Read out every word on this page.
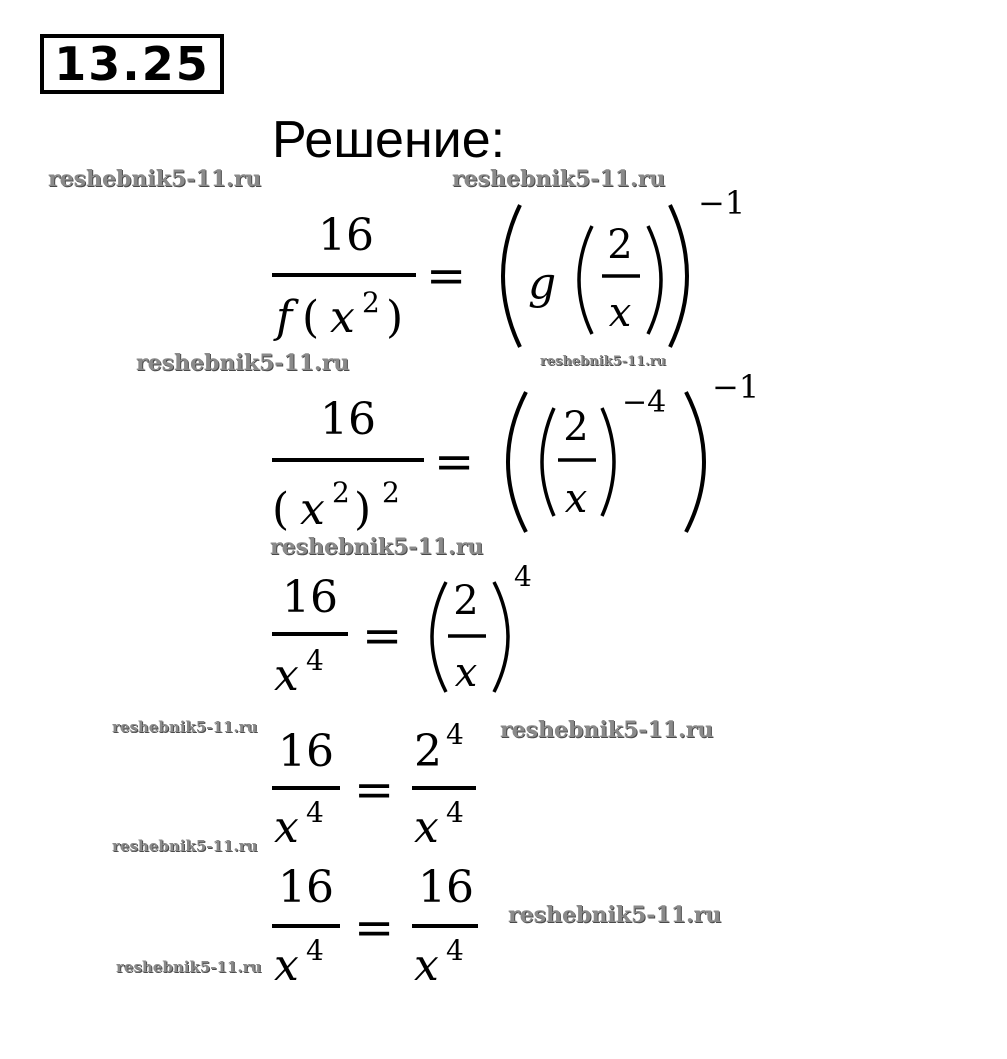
13.25
Решение:
reshebnik5-11.ru	reshebnik5-11.ru
reshebnik5-11.ru	reshebnik5-11.ru
reshebnik5-11.ru
reshebnik5-11.ru	reshebnik5-11.ru
reshebnik5-11.ru
reshebnik5-11.ru
reshebnik5-11.ru
16
f ( x 2 )
= g
2
x
−1
16
( x 2 ) 2
=
2
x
−4 −1
16
x 4 =
2
x
4
16
x 4 =
2 4
x 4
16
x 4 =
16
x 4
